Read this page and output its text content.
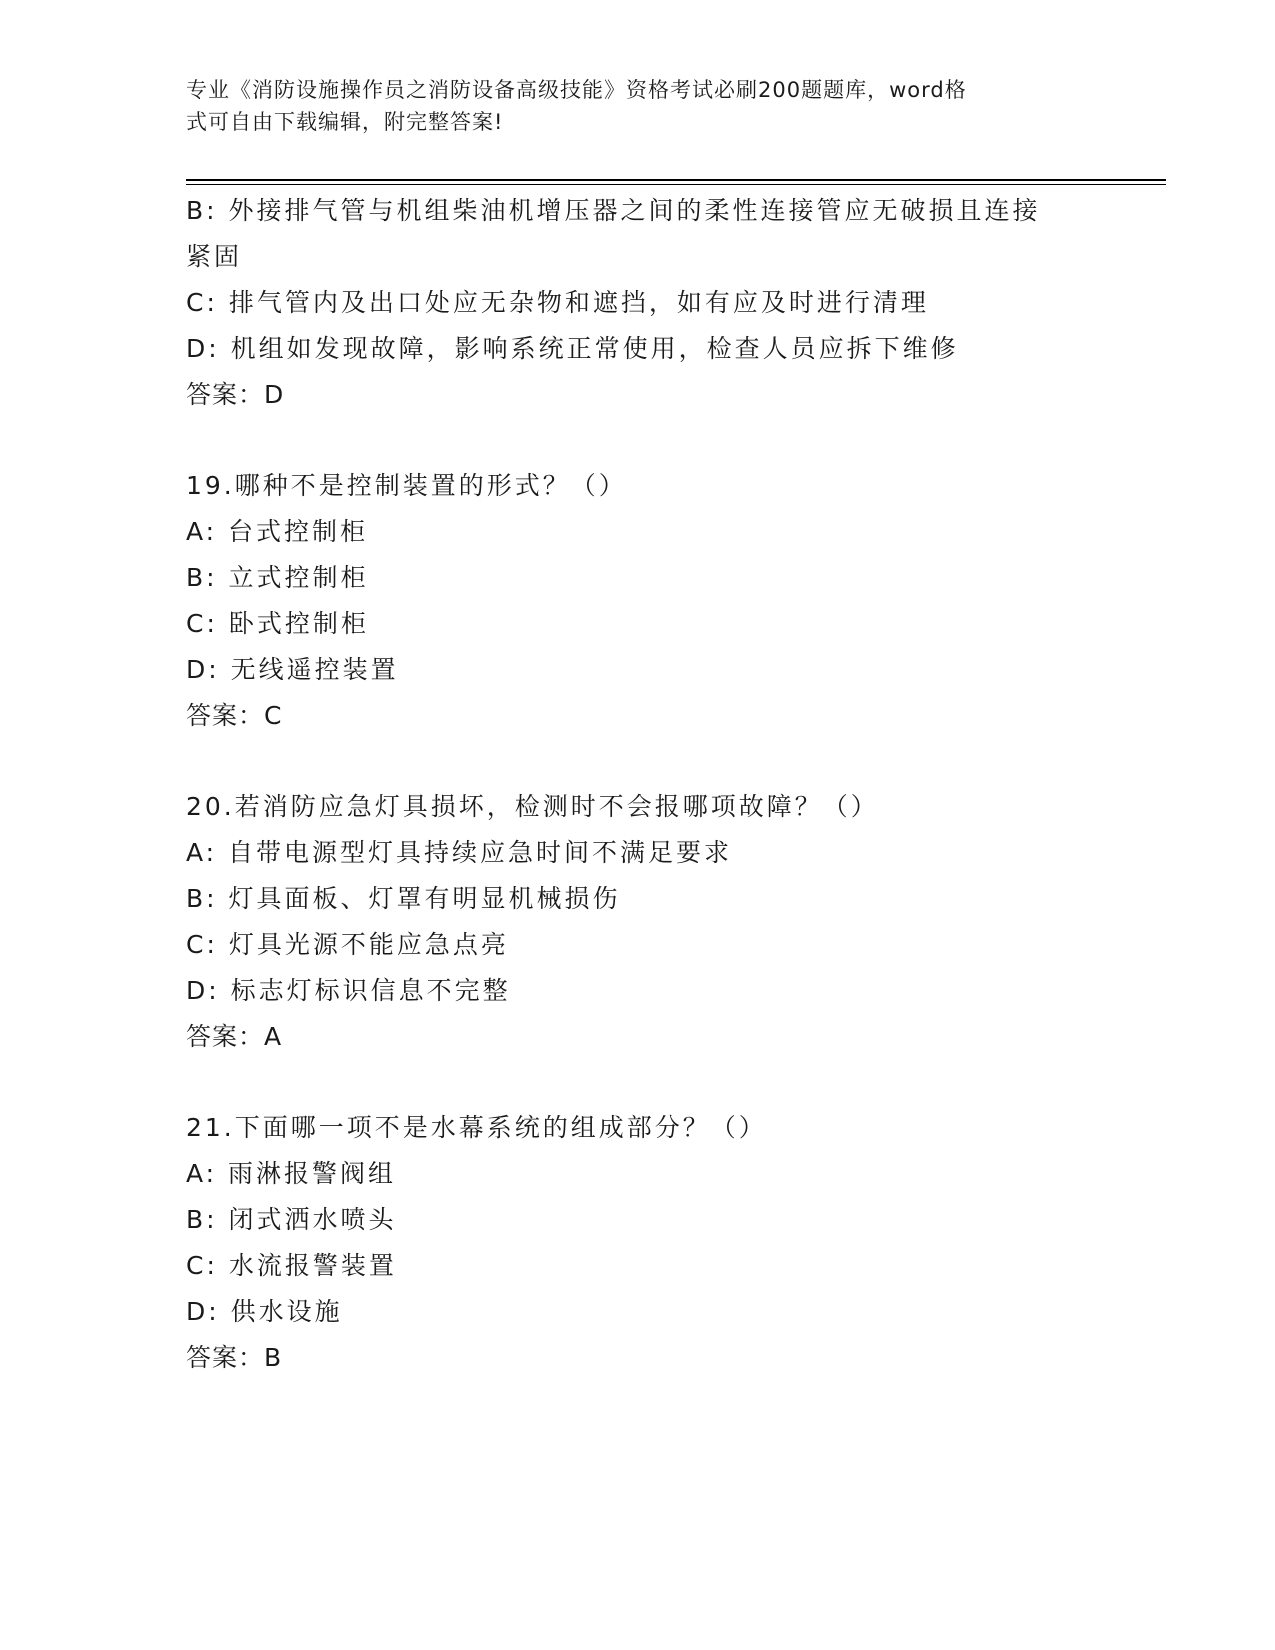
专业《消防设施操作员之消防设备高级技能》资格考试必刷200题题库，word格
式可自由下载编辑，附完整答案!
B: 外接排气管与机组柴油机增压器之间的柔性连接管应无破损且连接
紧固
C: 排气管内及出口处应无杂物和遮挡，如有应及时进行清理
D: 机组如发现故障，影响系统正常使用，检查人员应拆下维修
答案：D
19.哪种不是控制装置的形式？（）
A: 台式控制柜
B: 立式控制柜
C: 卧式控制柜
D: 无线遥控装置
答案：C
20.若消防应急灯具损坏，检测时不会报哪项故障？（）
A: 自带电源型灯具持续应急时间不满足要求
B: 灯具面板、灯罩有明显机械损伤
C: 灯具光源不能应急点亮
D: 标志灯标识信息不完整
答案：A
21.下面哪一项不是水幕系统的组成部分？（）
A: 雨淋报警阀组
B: 闭式洒水喷头
C: 水流报警装置
D: 供水设施
答案：B
